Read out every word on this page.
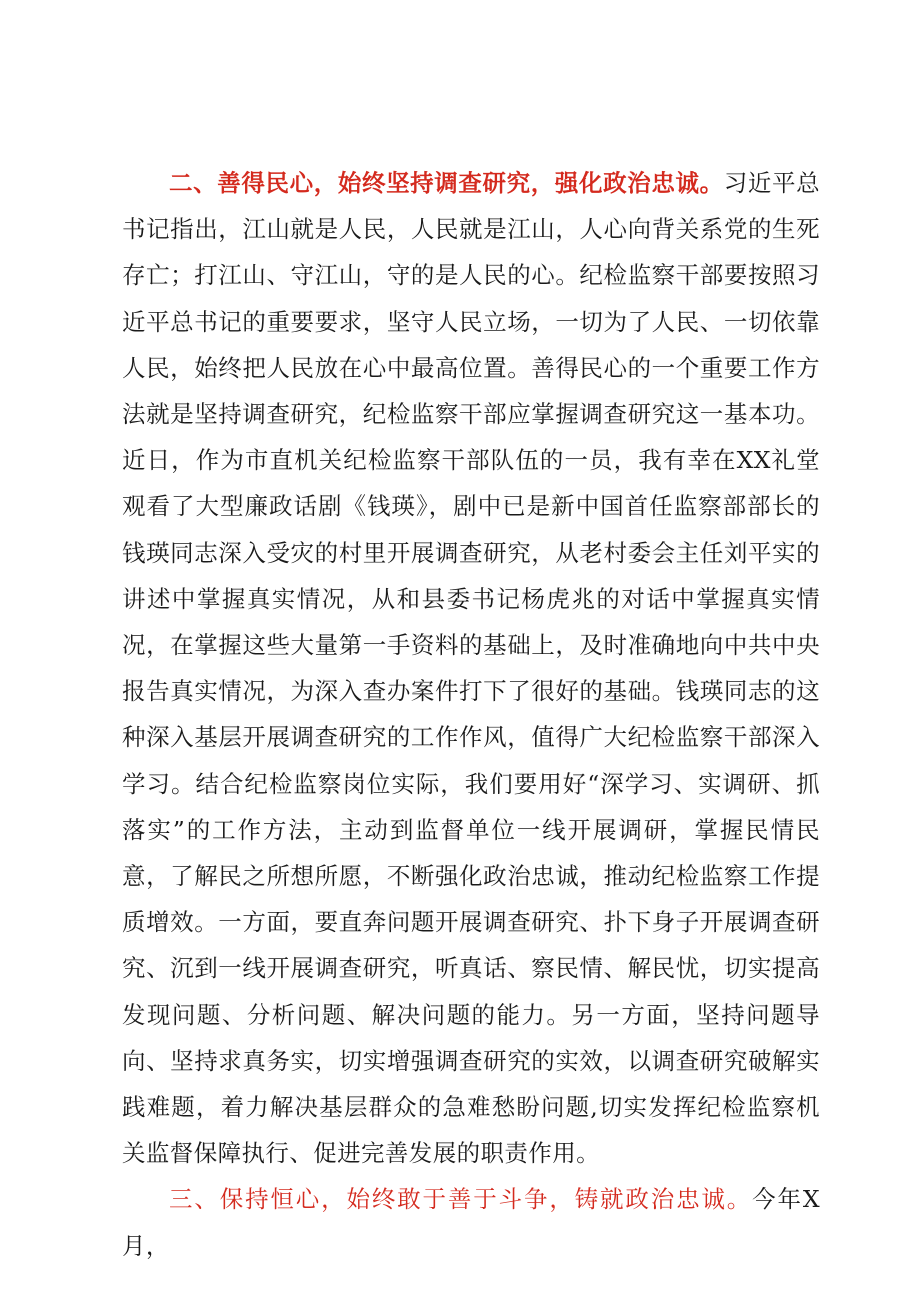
二、善得民心，始终坚持调查研究，强化政治忠诚。习近平总书记指出，江山就是人民，人民就是江山，人心向背关系党的生死存亡；打江山、守江山，守的是人民的心。纪检监察干部要按照习近平总书记的重要要求，坚守人民立场，一切为了人民、一切依靠人民，始终把人民放在心中最高位置。善得民心的一个重要工作方法就是坚持调查研究，纪检监察干部应掌握调查研究这一基本功。近日，作为市直机关纪检监察干部队伍的一员，我有幸在XX礼堂观看了大型廉政话剧《钱瑛》，剧中已是新中国首任监察部部长的钱瑛同志深入受灾的村里开展调查研究，从老村委会主任刘平实的讲述中掌握真实情况，从和县委书记杨虎兆的对话中掌握真实情况，在掌握这些大量第一手资料的基础上，及时准确地向中共中央报告真实情况，为深入查办案件打下了很好的基础。钱瑛同志的这种深入基层开展调查研究的工作作风，值得广大纪检监察干部深入学习。结合纪检监察岗位实际，我们要用好“深学习、实调研、抓落实”的工作方法，主动到监督单位一线开展调研，掌握民情民意，了解民之所想所愿，不断强化政治忠诚，推动纪检监察工作提质增效。一方面，要直奔问题开展调查研究、扑下身子开展调查研究、沉到一线开展调查研究，听真话、察民情、解民忧，切实提高发现问题、分析问题、解决问题的能力。另一方面，坚持问题导向、坚持求真务实，切实增强调查研究的实效，以调查研究破解实践难题，着力解决基层群众的急难愁盼问题,切实发挥纪检监察机关监督保障执行、促进完善发展的职责作用。

三、保持恒心，始终敢于善于斗争，铸就政治忠诚。今年X月，
